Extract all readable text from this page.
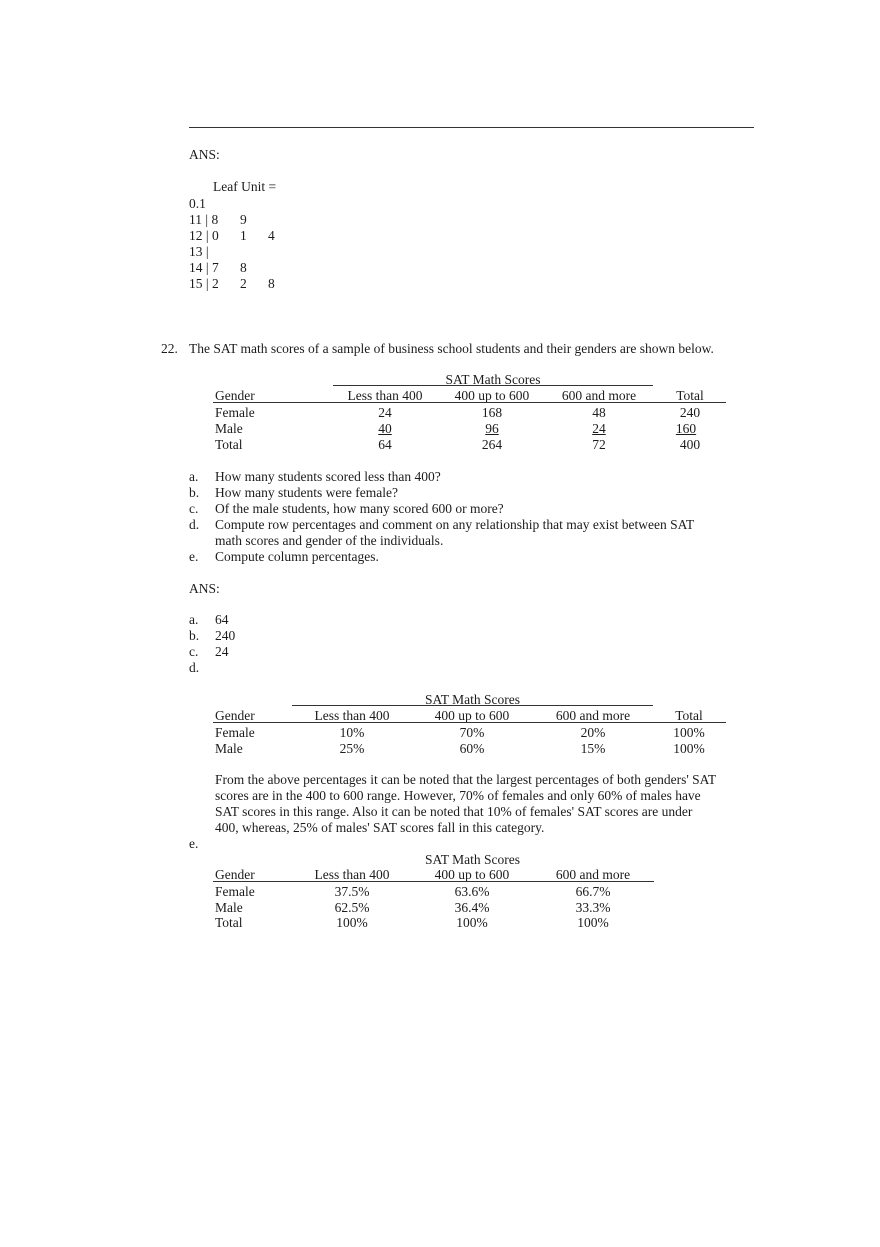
ANS:
Leaf Unit =
0.1
11 | 8 9
12 | 0 1 4
13 |
14 | 7 8
15 | 2 2 8
22. The SAT math scores of a sample of business school students and their genders are shown below.
SAT Math Scores
Gender	Less than 400	400 up to 600	600 and more	Total
Female	24	168	48	240
Male	40	96	24	160
Total	64	264	72	400
a. How many students scored less than 400?
b. How many students were female?
c. Of the male students, how many scored 600 or more?
d. Compute row percentages and comment on any relationship that may exist between SAT
math scores and gender of the individuals.
e. Compute column percentages.
ANS:
a. 64
b. 240
c. 24
d.
SAT Math Scores
Gender	Less than 400	400 up to 600	600 and more	Total
Female	10%	70%	20%	100%
Male	25%	60%	15%	100%
From the above percentages it can be noted that the largest percentages of both genders' SAT
scores are in the 400 to 600 range. However, 70% of females and only 60% of males have
SAT scores in this range. Also it can be noted that 10% of females' SAT scores are under
400, whereas, 25% of males' SAT scores fall in this category.
e.
SAT Math Scores
Gender	Less than 400	400 up to 600	600 and more
Female	37.5%	63.6%	66.7%
Male	62.5%	36.4%	33.3%
Total	100%	100%	100%
